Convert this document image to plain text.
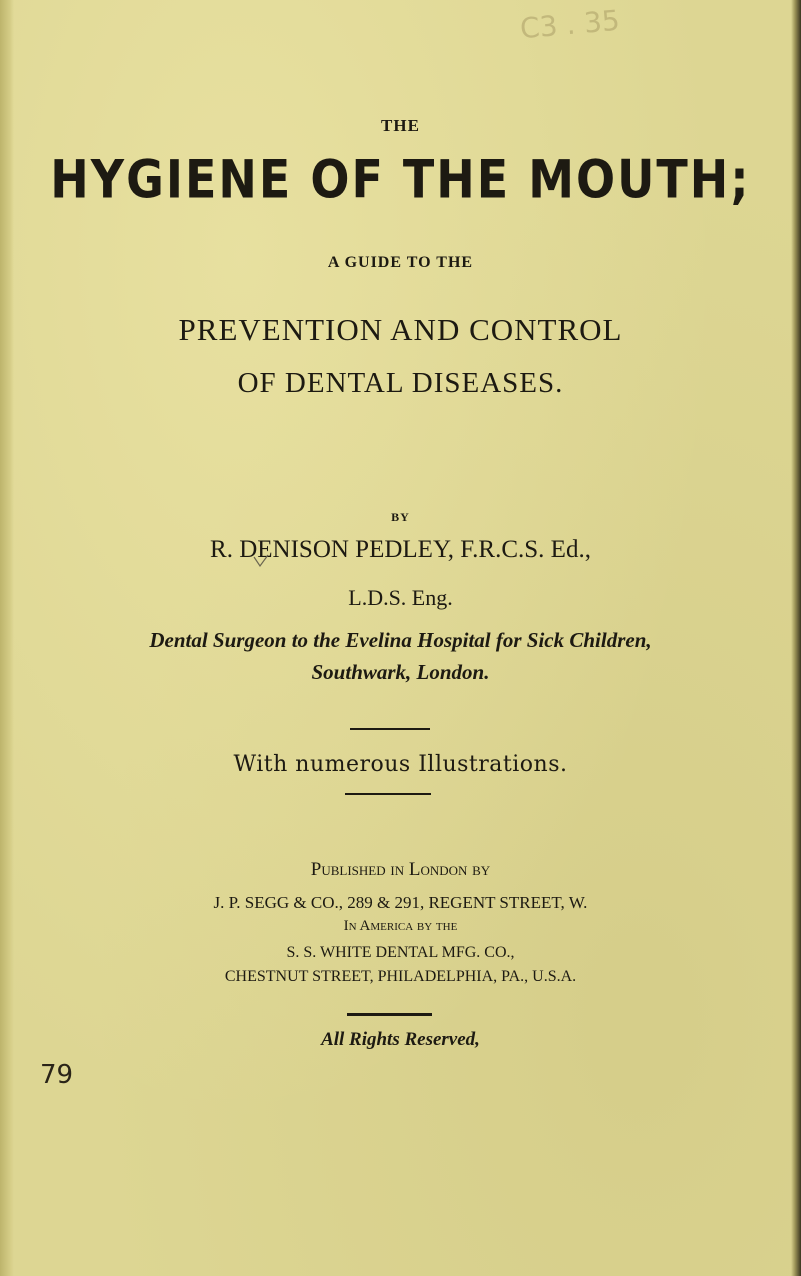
C3 . 35
THE
HYGIENE OF THE MOUTH;
A GUIDE TO THE
PREVENTION AND CONTROL
OF DENTAL DISEASES.
BY
R. DENISON PEDLEY, F.R.C.S. Ed.,
L.D.S. Eng.
Dental Surgeon to the Evelina Hospital for Sick Children,
Southwark, London.
With numerous Illustrations.
Published in London by
J. P. SEGG & CO., 289 & 291, REGENT STREET, W.
In America by the
S. S. WHITE DENTAL MFG. CO.,
CHESTNUT STREET, PHILADELPHIA, PA., U.S.A.
All Rights Reserved,
79
